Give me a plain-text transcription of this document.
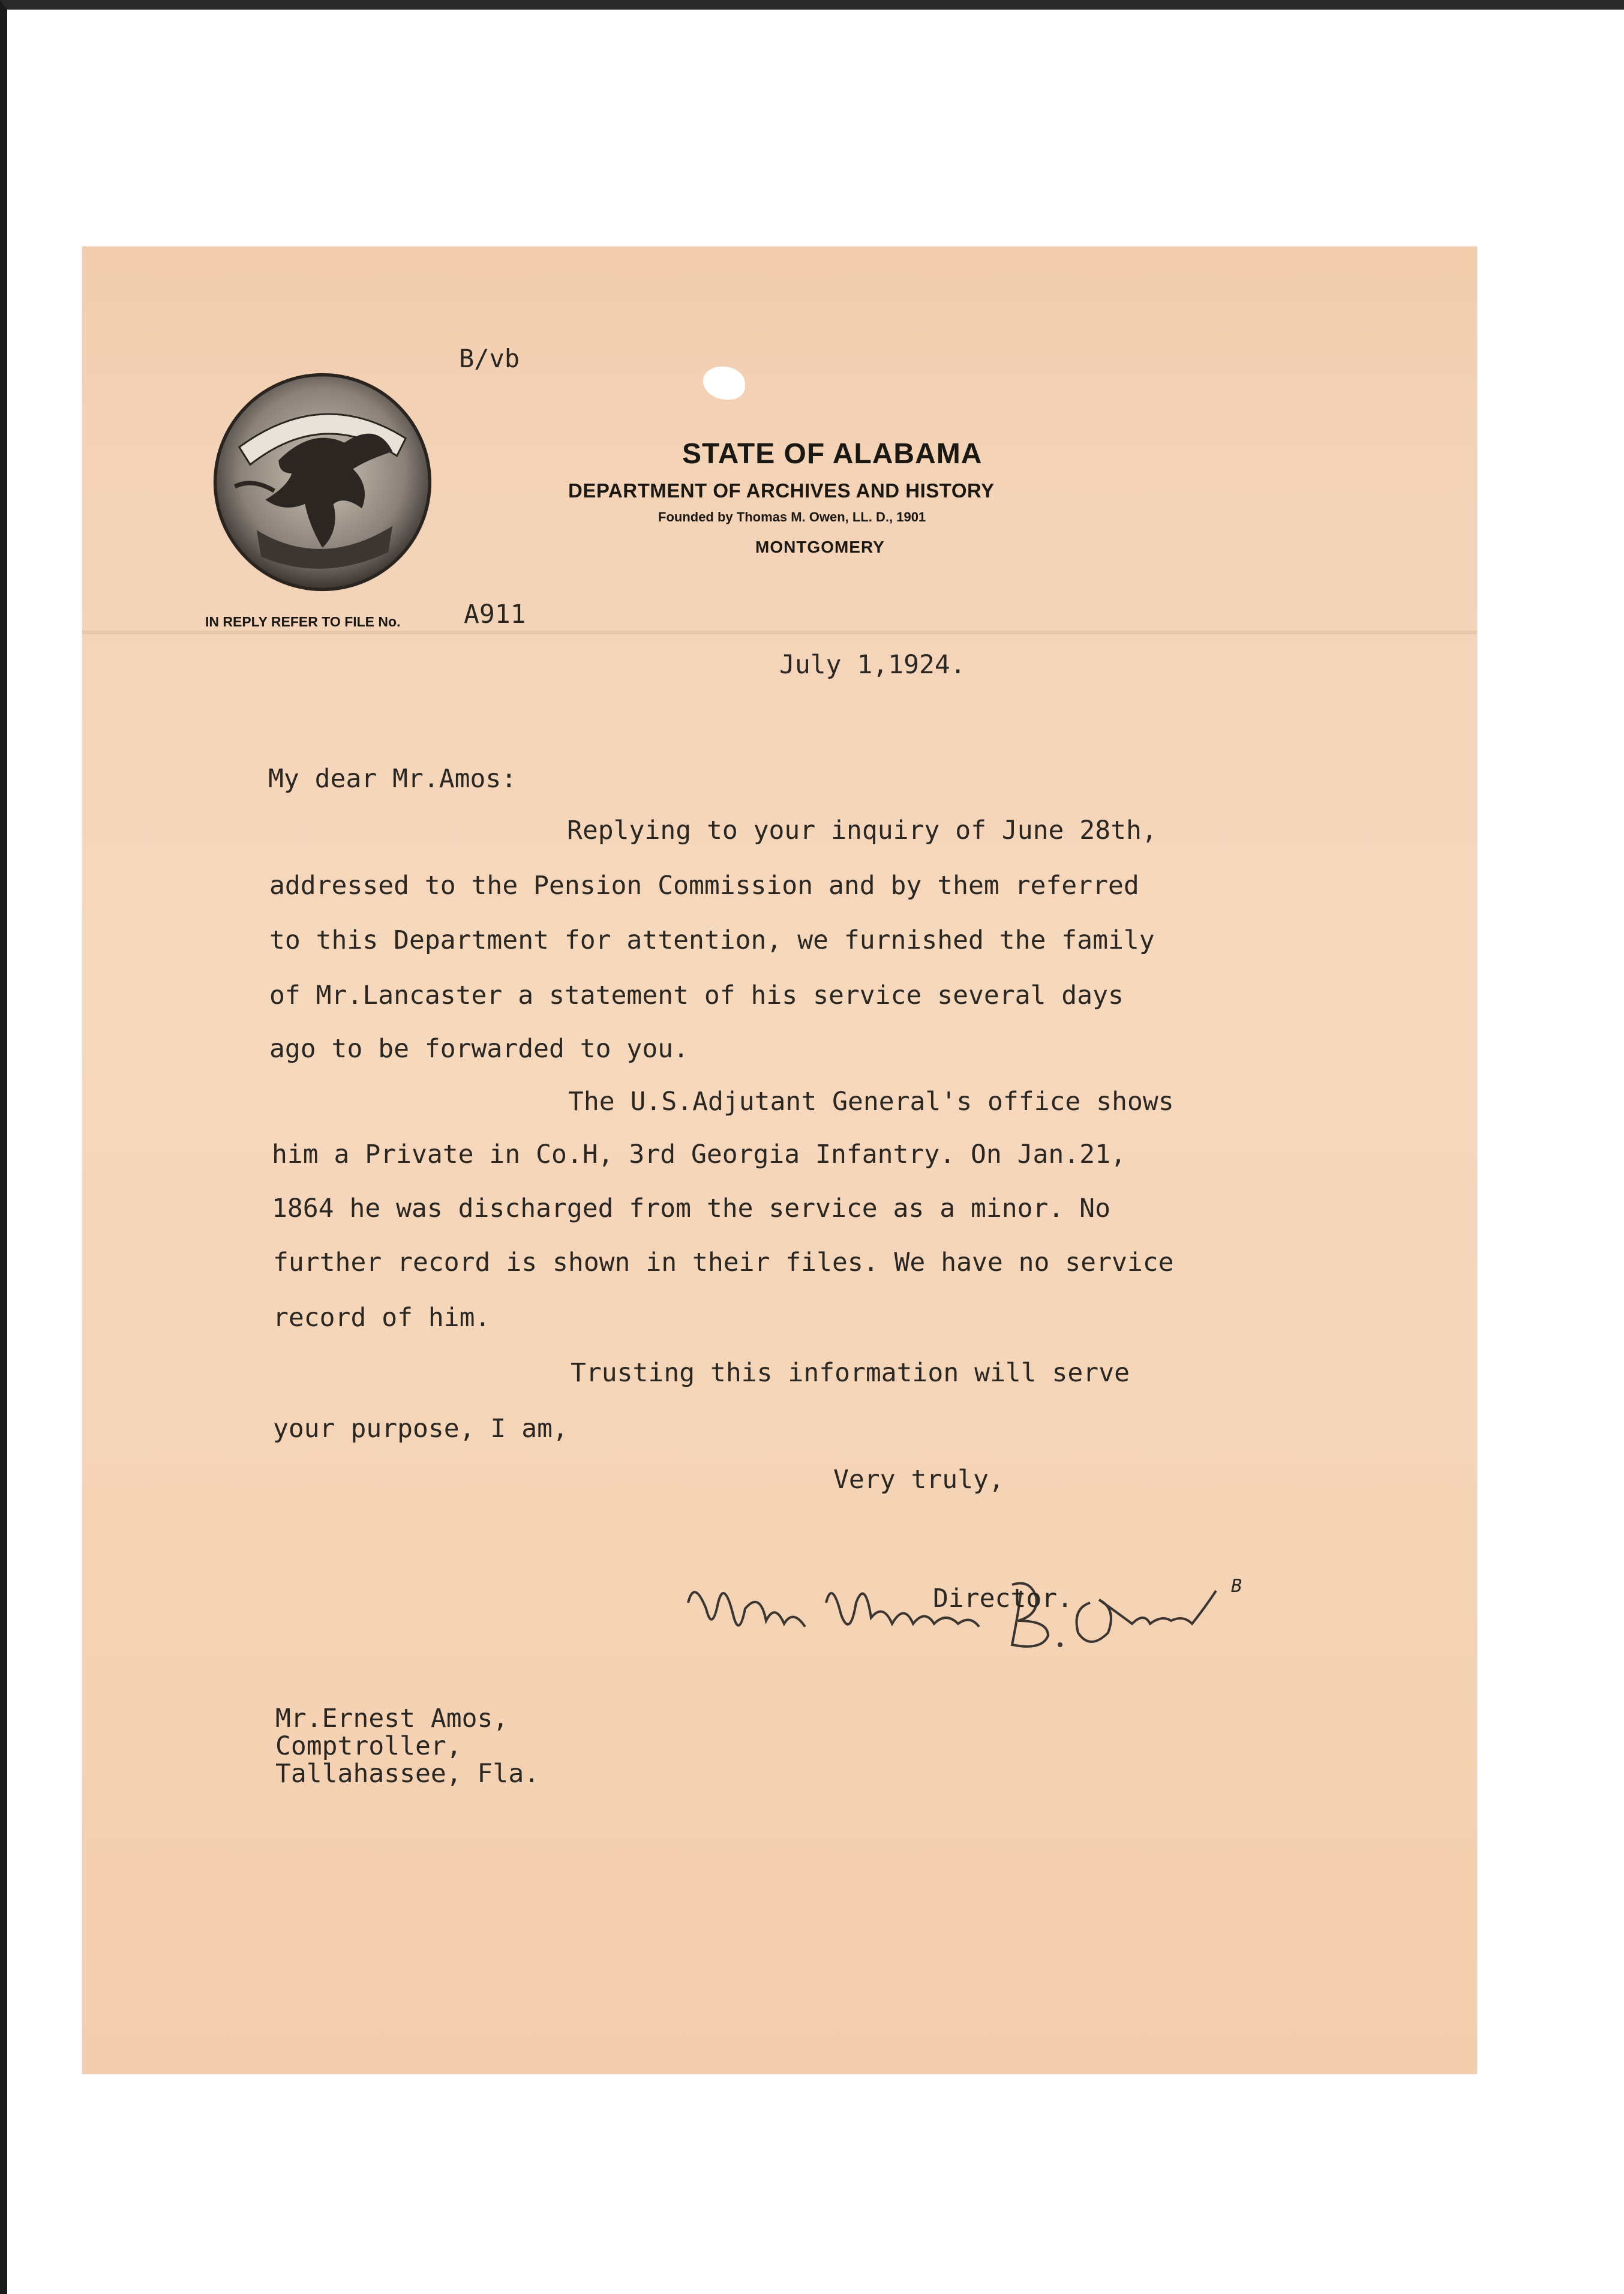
B/vb
STATE OF ALABAMA
DEPARTMENT OF ARCHIVES AND HISTORY
Founded by Thomas M. Owen, LL. D., 1901
MONTGOMERY
IN REPLY REFER TO FILE No. A911
July 1,1924.
My dear Mr.Amos:
Replying to your inquiry of June 28th,
addressed to the Pension Commission and by them referred
to this Department for attention, we furnished the family
of Mr.Lancaster a statement of his service several days
ago to be forwarded to you.
The U.S.Adjutant General's office shows
him a Private in Co.H, 3rd Georgia Infantry. On Jan.21,
1864 he was discharged from the service as a minor. No
further record is shown in their files. We have no service
record of him.
Trusting this information will serve
your purpose, I am,
Very truly,
Director.	B
Mr.Ernest Amos,
Comptroller,
Tallahassee, Fla.
